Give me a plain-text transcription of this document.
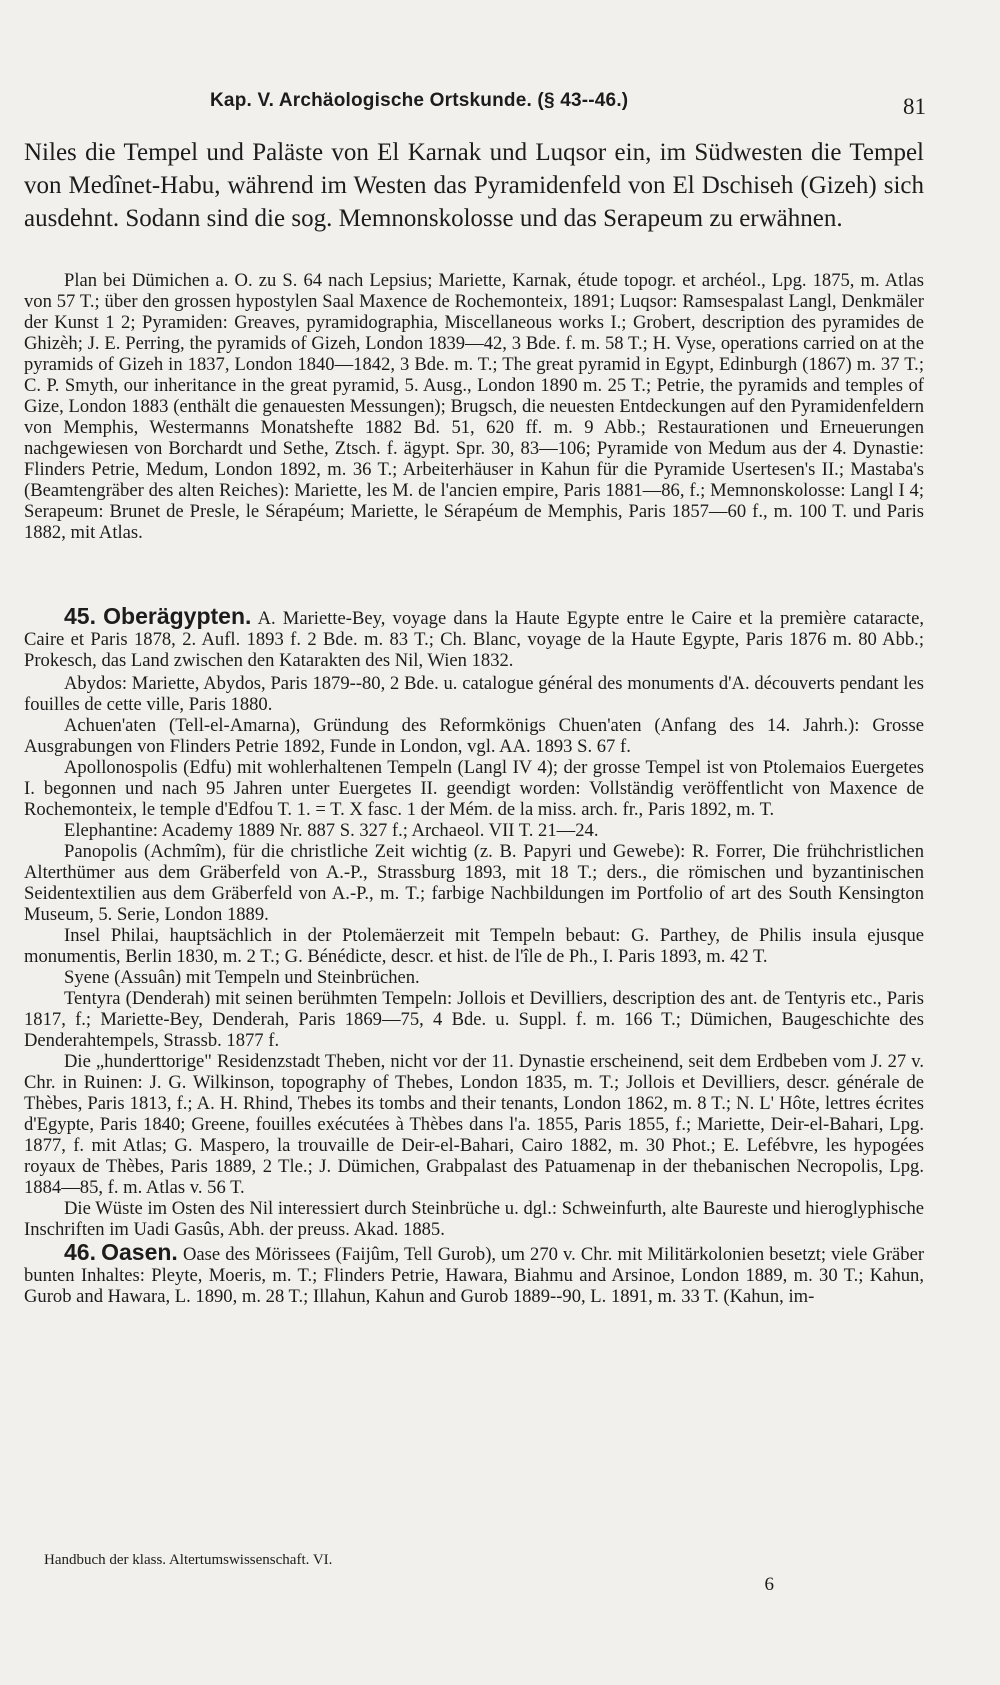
Kap. V. Archäologische Ortskunde. (§ 43--46.)	81

Niles die Tempel und Paläste von El Karnak und Luqsor ein, im Südwesten die Tempel von Medînet-Habu, während im Westen das Pyramidenfeld von El Dschiseh (Gizeh) sich ausdehnt. Sodann sind die sog. Memnonskolosse und das Serapeum zu erwähnen.

Plan bei Dümichen a. O. zu S. 64 nach Lepsius; Mariette, Karnak, étude topogr. et archéol., Lpg. 1875, m. Atlas von 57 T.; über den grossen hypostylen Saal Maxence de Rochemonteix, 1891; Luqsor: Ramsespalast Langl, Denkmäler der Kunst 1 2; Pyramiden: Greaves, pyramidographia, Miscellaneous works I.; Grobert, description des pyramides de Ghizèh; J. E. Perring, the pyramids of Gizeh, London 1839—42, 3 Bde. f. m. 58 T.; H. Vyse, operations carried on at the pyramids of Gizeh in 1837, London 1840—1842, 3 Bde. m. T.; The great pyramid in Egypt, Edinburgh (1867) m. 37 T.; C. P. Smyth, our inheritance in the great pyramid, 5. Ausg., London 1890 m. 25 T.; Petrie, the pyramids and temples of Gize, London 1883 (enthält die genauesten Messungen); Brugsch, die neuesten Entdeckungen auf den Pyramidenfeldern von Memphis, Westermanns Monatshefte 1882 Bd. 51, 620 ff. m. 9 Abb.; Restaurationen und Erneuerungen nachgewiesen von Borchardt und Sethe, Ztsch. f. ägypt. Spr. 30, 83—106; Pyramide von Medum aus der 4. Dynastie: Flinders Petrie, Medum, London 1892, m. 36 T.; Arbeiterhäuser in Kahun für die Pyramide Usertesen's II.; Mastaba's (Beamtengräber des alten Reiches): Mariette, les M. de l'ancien empire, Paris 1881—86, f.; Memnonskolosse: Langl I 4; Serapeum: Brunet de Presle, le Sérapéum; Mariette, le Sérapéum de Memphis, Paris 1857—60 f., m. 100 T. und Paris 1882, mit Atlas.

45. Oberägypten. A. Mariette-Bey, voyage dans la Haute Egypte entre le Caire et la première cataracte, Caire et Paris 1878, 2. Aufl. 1893 f. 2 Bde. m. 83 T.; Ch. Blanc, voyage de la Haute Egypte, Paris 1876 m. 80 Abb.; Prokesch, das Land zwischen den Katarakten des Nil, Wien 1832.

Abydos: Mariette, Abydos, Paris 1879--80, 2 Bde. u. catalogue général des monuments d'A. découverts pendant les fouilles de cette ville, Paris 1880.

Achuen'aten (Tell-el-Amarna), Gründung des Reformkönigs Chuen'aten (Anfang des 14. Jahrh.): Grosse Ausgrabungen von Flinders Petrie 1892, Funde in London, vgl. AA. 1893 S. 67 f.

Apollonospolis (Edfu) mit wohlerhaltenen Tempeln (Langl IV 4); der grosse Tempel ist von Ptolemaios Euergetes I. begonnen und nach 95 Jahren unter Euergetes II. geendigt worden: Vollständig veröffentlicht von Maxence de Rochemonteix, le temple d'Edfou T. 1. = T. X fasc. 1 der Mém. de la miss. arch. fr., Paris 1892, m. T.

Elephantine: Academy 1889 Nr. 887 S. 327 f.; Archaeol. VII T. 21—24.

Panopolis (Achmîm), für die christliche Zeit wichtig (z. B. Papyri und Gewebe): R. Forrer, Die frühchristlichen Alterthümer aus dem Gräberfeld von A.-P., Strassburg 1893, mit 18 T.; ders., die römischen und byzantinischen Seidentextilien aus dem Gräberfeld von A.-P., m. T.; farbige Nachbildungen im Portfolio of art des South Kensington Museum, 5. Serie, London 1889.

Insel Philai, hauptsächlich in der Ptolemäerzeit mit Tempeln bebaut: G. Parthey, de Philis insula ejusque monumentis, Berlin 1830, m. 2 T.; G. Bénédicte, descr. et hist. de l'île de Ph., I. Paris 1893, m. 42 T.

Syene (Assuân) mit Tempeln und Steinbrüchen.

Tentyra (Denderah) mit seinen berühmten Tempeln: Jollois et Devilliers, description des ant. de Tentyris etc., Paris 1817, f.; Mariette-Bey, Denderah, Paris 1869—75, 4 Bde. u. Suppl. f. m. 166 T.; Dümichen, Baugeschichte des Denderahtempels, Strassb. 1877 f.

Die „hunderttorige" Residenzstadt Theben, nicht vor der 11. Dynastie erscheinend, seit dem Erdbeben vom J. 27 v. Chr. in Ruinen: J. G. Wilkinson, topography of Thebes, London 1835, m. T.; Jollois et Devilliers, descr. générale de Thèbes, Paris 1813, f.; A. H. Rhind, Thebes its tombs and their tenants, London 1862, m. 8 T.; N. L' Hôte, lettres écrites d'Egypte, Paris 1840; Greene, fouilles exécutées à Thèbes dans l'a. 1855, Paris 1855, f.; Mariette, Deir-el-Bahari, Lpg. 1877, f. mit Atlas; G. Maspero, la trouvaille de Deir-el-Bahari, Cairo 1882, m. 30 Phot.; E. Lefébvre, les hypogées royaux de Thèbes, Paris 1889, 2 Tle.; J. Dümichen, Grabpalast des Patuamenap in der thebanischen Necropolis, Lpg. 1884—85, f. m. Atlas v. 56 T.

Die Wüste im Osten des Nil interessiert durch Steinbrüche u. dgl.: Schweinfurth, alte Baureste und hieroglyphische Inschriften im Uadi Gasûs, Abh. der preuss. Akad. 1885.

46. Oasen. Oase des Mörissees (Faijûm, Tell Gurob), um 270 v. Chr. mit Militärkolonien besetzt; viele Gräber bunten Inhaltes: Pleyte, Moeris, m. T.; Flinders Petrie, Hawara, Biahmu and Arsinoe, London 1889, m. 30 T.; Kahun, Gurob and Hawara, L. 1890, m. 28 T.; Illahun, Kahun and Gurob 1889--90, L. 1891, m. 33 T. (Kahun, im-

Handbuch der klass. Altertumswissenschaft. VI.
6
